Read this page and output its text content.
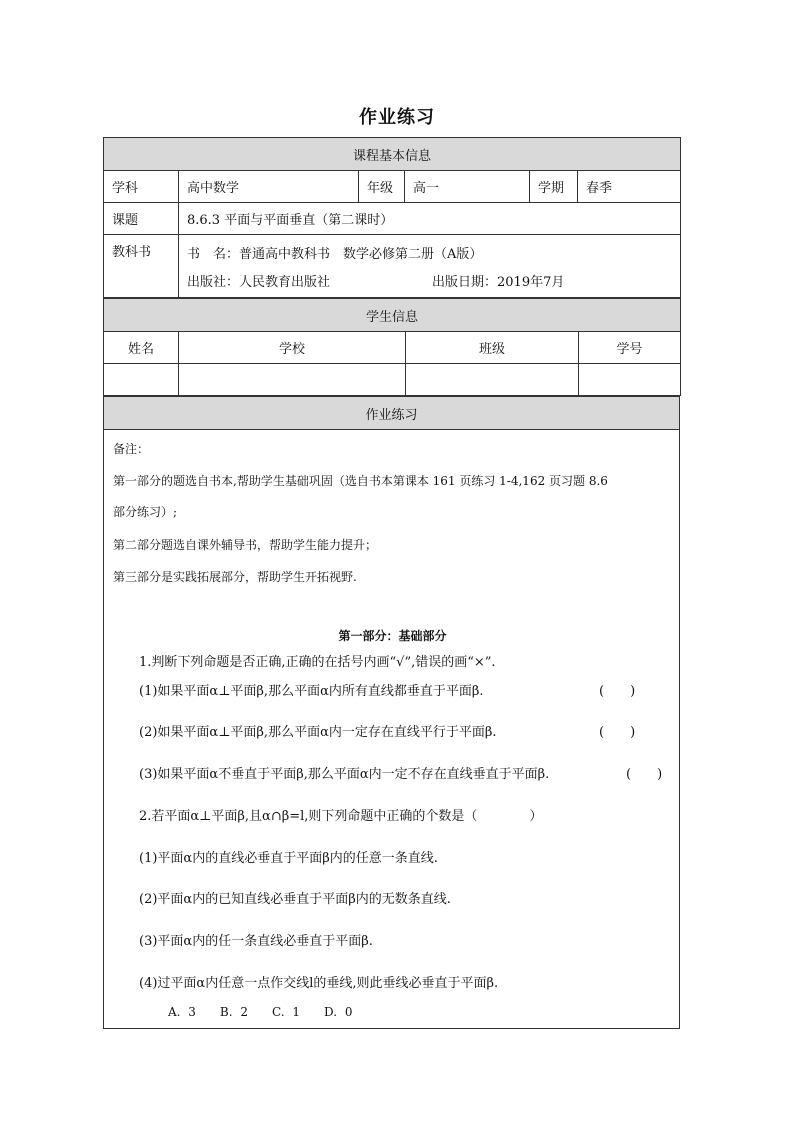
作业练习
课程基本信息					
学科	高中数学	年级	高一	学期	春季
课题	8.6.3 平面与平面垂直（第二课时）				
教科书	书　名：普通高中教科书　数学必修第二册（A版）
出版社：人民教育出版社 出版日期：2019年7月				
学生信息			
姓名	学校	班级	学号

作业练习

备注：
第一部分的题选自书本,帮助学生基础巩固（选自书本第课本 161 页练习 1-4,162 页习题 8.6
部分练习）;
第二部分题选自课外辅导书，帮助学生能力提升；
第三部分是实践拓展部分，帮助学生开拓视野.
第一部分：基础部分
1.判断下列命题是否正确,正确的在括号内画“√”,错误的画“×”.
(1)如果平面α⊥平面β,那么平面α内所有直线都垂直于平面β.	(　　)
(2)如果平面α⊥平面β,那么平面α内一定存在直线平行于平面β.	(　　)
(3)如果平面α不垂直于平面β,那么平面α内一定不存在直线垂直于平面β.	(　　)
2.若平面α⊥平面β,且α∩β=l,则下列命题中正确的个数是（　　　　）
(1)平面α内的直线必垂直于平面β内的任意一条直线.
(2)平面α内的已知直线必垂直于平面β内的无数条直线.
(3)平面α内的任一条直线必垂直于平面β.
(4)过平面α内任意一点作交线l的垂线,则此垂线必垂直于平面β.
A. 3　　B. 2　　C. 1　　D. 0
